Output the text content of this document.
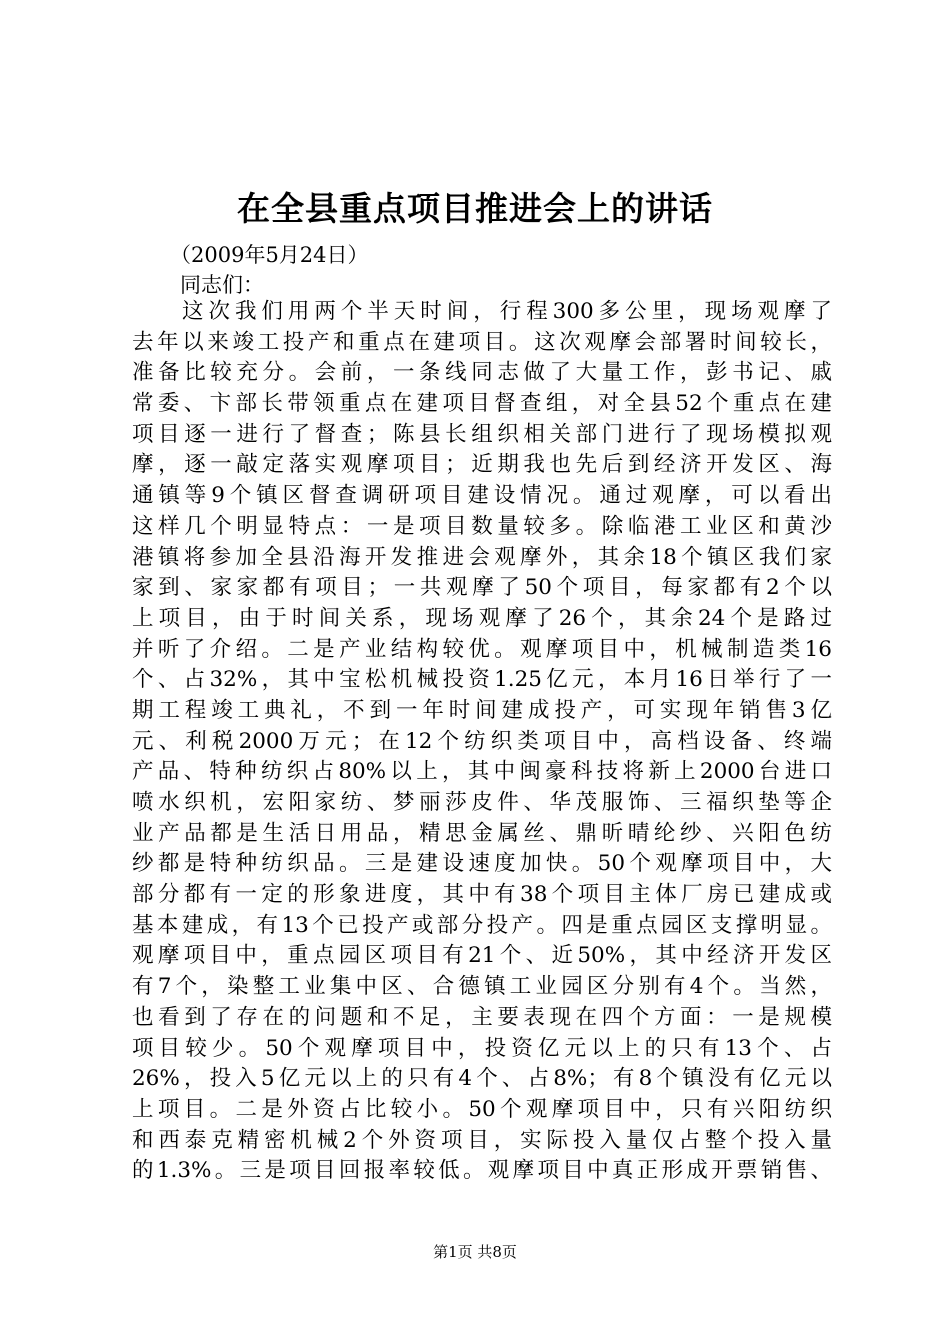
在全县重点项目推进会上的讲话
（2009年5月24日）
同志们：
这次我们用两个半天时间，行程300多公里，现场观摩了
去年以来竣工投产和重点在建项目。这次观摩会部署时间较长，
准备比较充分。会前，一条线同志做了大量工作，彭书记、戚
常委、卞部长带领重点在建项目督查组，对全县52个重点在建
项目逐一进行了督查；陈县长组织相关部门进行了现场模拟观
摩，逐一敲定落实观摩项目；近期我也先后到经济开发区、海
通镇等9个镇区督查调研项目建设情况。通过观摩，可以看出
这样几个明显特点：一是项目数量较多。除临港工业区和黄沙
港镇将参加全县沿海开发推进会观摩外，其余18个镇区我们家
家到、家家都有项目；一共观摩了50个项目，每家都有2个以
上项目，由于时间关系，现场观摩了26个，其余24个是路过
并听了介绍。二是产业结构较优。观摩项目中，机械制造类16
个、占32%，其中宝松机械投资1.25亿元，本月16日举行了一
期工程竣工典礼，不到一年时间建成投产，可实现年销售3亿
元、利税2000万元；在12个纺织类项目中，高档设备、终端
产品、特种纺织占80%以上，其中闽豪科技将新上2000台进口
喷水织机，宏阳家纺、梦丽莎皮件、华茂服饰、三福织垫等企
业产品都是生活日用品，精思金属丝、鼎昕晴纶纱、兴阳色纺
纱都是特种纺织品。三是建设速度加快。50个观摩项目中，大
部分都有一定的形象进度，其中有38个项目主体厂房已建成或
基本建成，有13个已投产或部分投产。四是重点园区支撑明显。
观摩项目中，重点园区项目有21个、近50%，其中经济开发区
有7个，染整工业集中区、合德镇工业园区分别有4个。当然，
也看到了存在的问题和不足，主要表现在四个方面：一是规模
项目较少。50个观摩项目中，投资亿元以上的只有13个、占
26%，投入5亿元以上的只有4个、占8%；有8个镇没有亿元以
上项目。二是外资占比较小。50个观摩项目中，只有兴阳纺织
和西泰克精密机械2个外资项目，实际投入量仅占整个投入量
的1.3%。三是项目回报率较低。观摩项目中真正形成开票销售、
第1页 共8页
